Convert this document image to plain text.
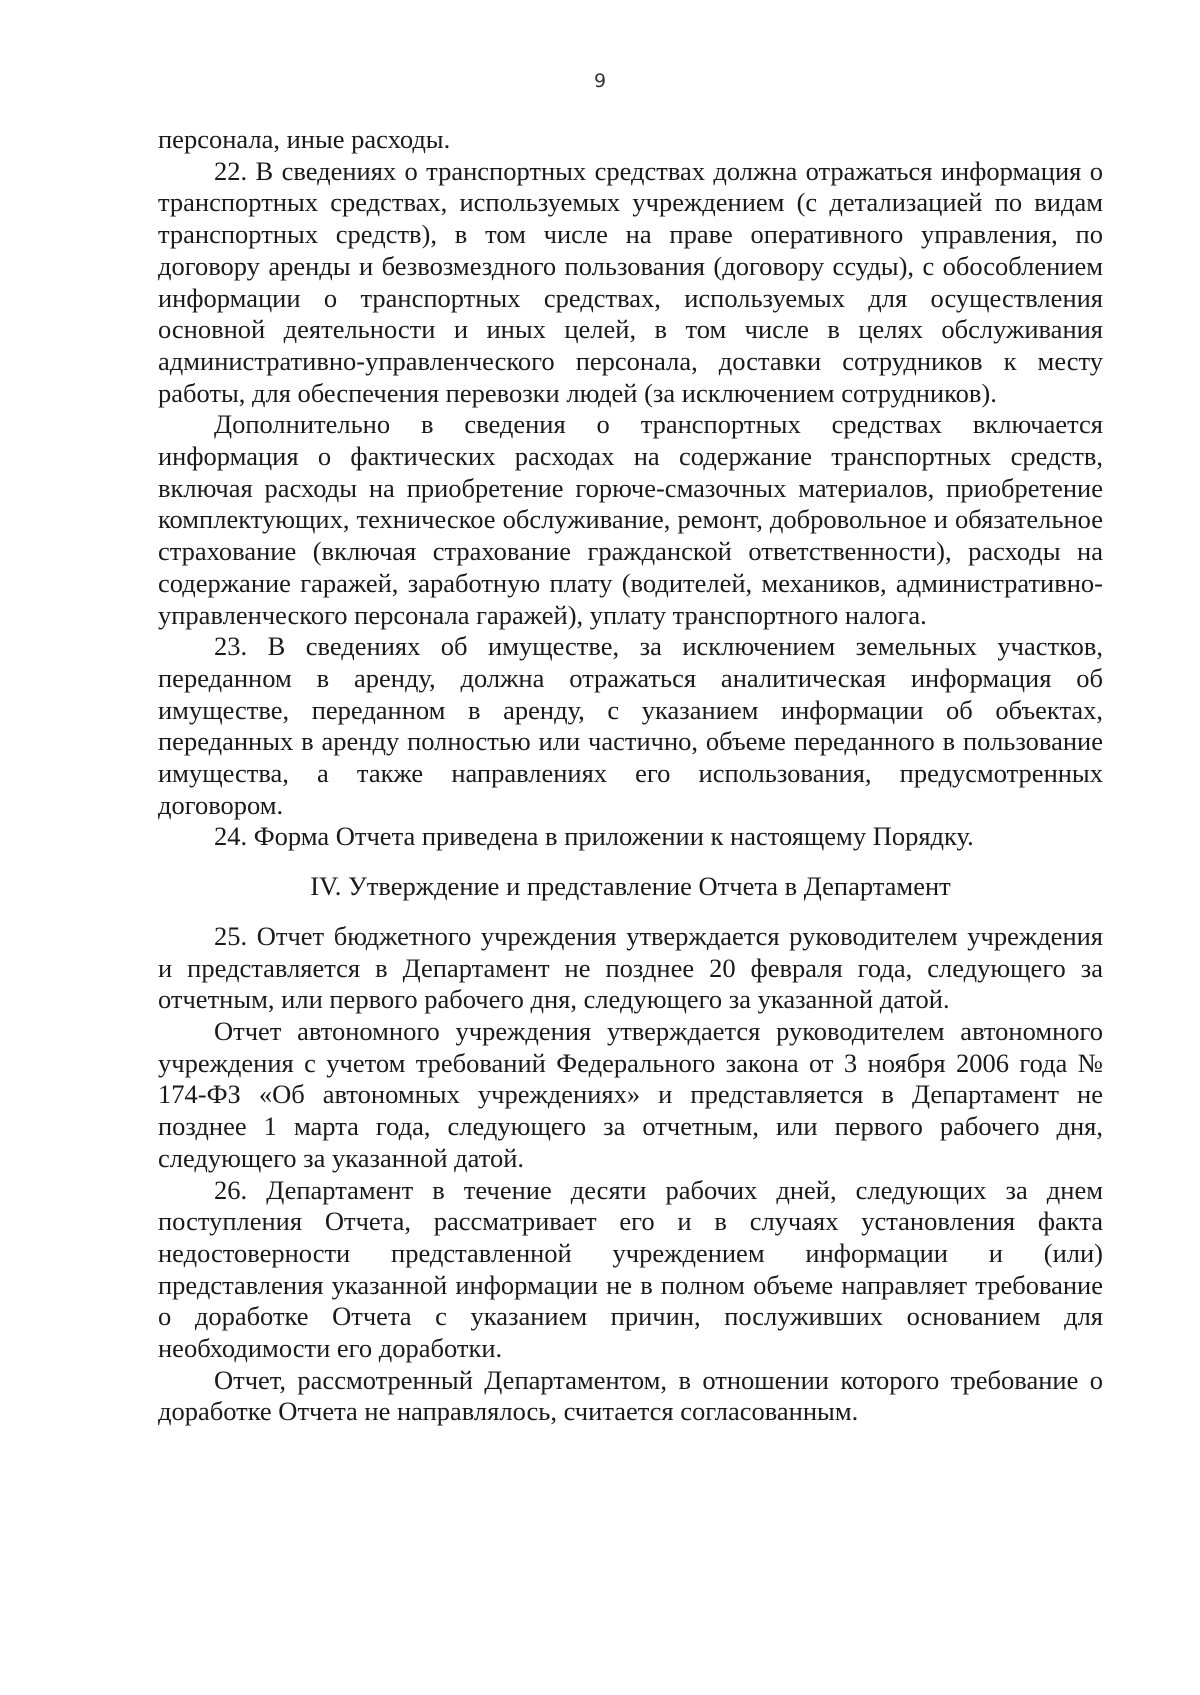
9

персонала, иные расходы.

22. В сведениях о транспортных средствах должна отражаться информация о транспортных средствах, используемых учреждением (с детализацией по видам транспортных средств), в том числе на праве оперативного управления, по договору аренды и безвозмездного пользования (договору ссуды), с обособлением информации о транспортных средствах, используемых для осуществления основной деятельности и иных целей, в том числе в целях обслуживания административно-управленческого персонала, доставки сотрудников к месту работы, для обеспечения перевозки людей (за исключением сотрудников).

Дополнительно в сведения о транспортных средствах включается информация о фактических расходах на содержание транспортных средств, включая расходы на приобретение горюче-смазочных материалов, приобретение комплектующих, техническое обслуживание, ремонт, добровольное и обязательное страхование (включая страхование гражданской ответственности), расходы на содержание гаражей, заработную плату (водителей, механиков, административно-управленческого персонала гаражей), уплату транспортного налога.

23. В сведениях об имуществе, за исключением земельных участков, переданном в аренду, должна отражаться аналитическая информация об имуществе, переданном в аренду, с указанием информации об объектах, переданных в аренду полностью или частично, объеме переданного в пользование имущества, а также направлениях его использования, предусмотренных договором.

24. Форма Отчета приведена в приложении к настоящему Порядку.

IV. Утверждение и представление Отчета в Департамент

25. Отчет бюджетного учреждения утверждается руководителем учреждения и представляется в Департамент не позднее 20 февраля года, следующего за отчетным, или первого рабочего дня, следующего за указанной датой.

Отчет автономного учреждения утверждается руководителем автономного учреждения с учетом требований Федерального закона от 3 ноября 2006 года № 174-ФЗ «Об автономных учреждениях» и представляется в Департамент не позднее 1 марта года, следующего за отчетным, или первого рабочего дня, следующего за указанной датой.

26. Департамент в течение десяти рабочих дней, следующих за днем поступления Отчета, рассматривает его и в случаях установления факта недостоверности представленной учреждением информации и (или) представления указанной информации не в полном объеме направляет требование о доработке Отчета с указанием причин, послуживших основанием для необходимости его доработки.

Отчет, рассмотренный Департаментом, в отношении которого требование о доработке Отчета не направлялось, считается согласованным.
